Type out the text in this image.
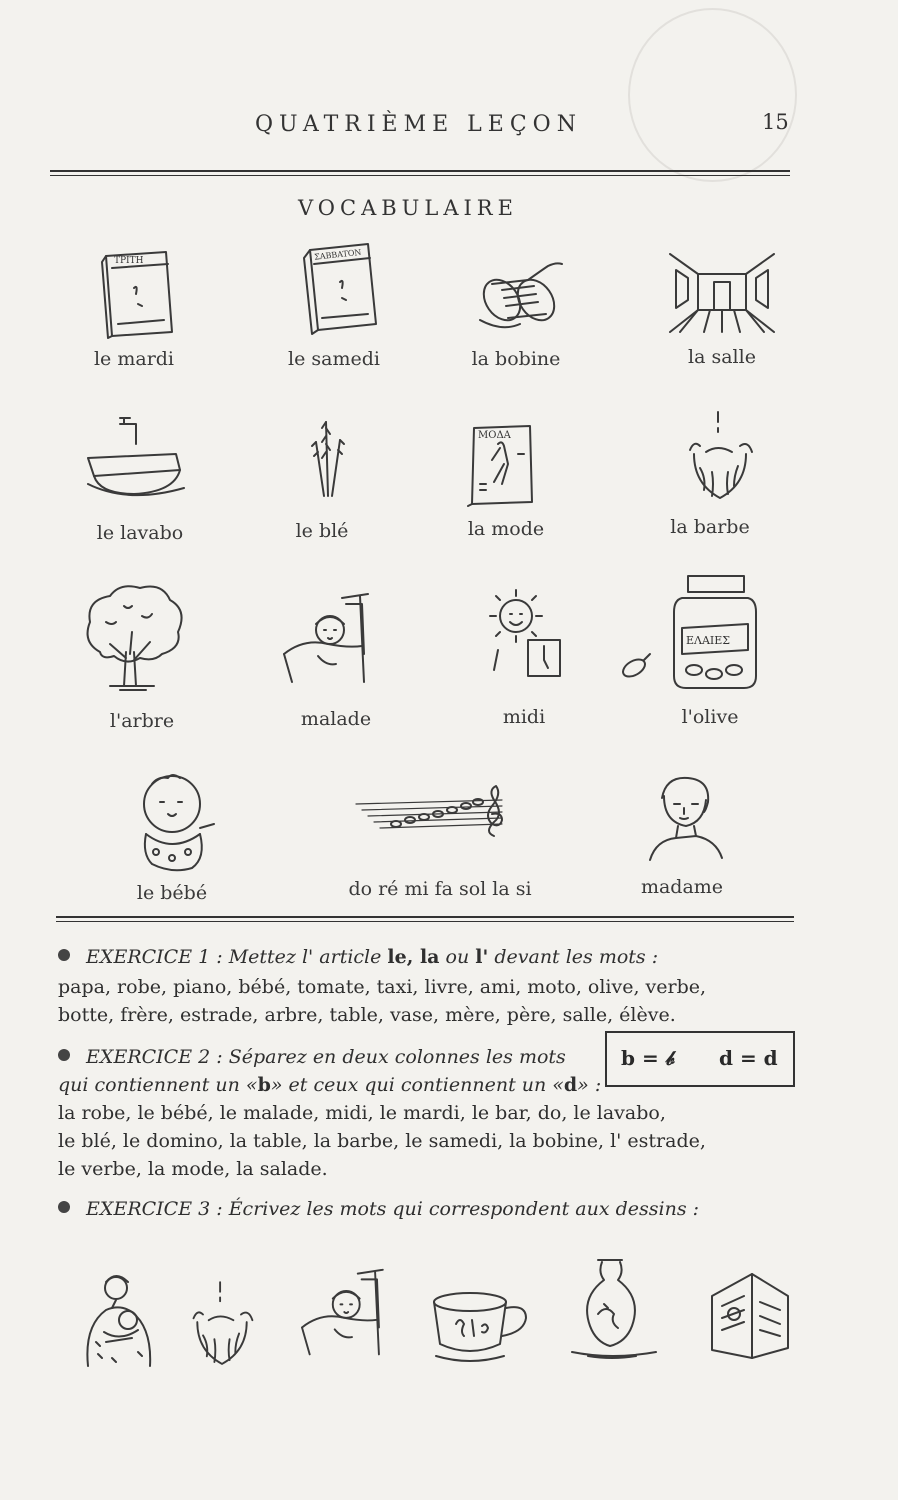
QUATRIÈME LEÇON	15
VOCABULAIRE
TPITH	ΣABBATON
le mardi	le samedi	la bobine	la salle
MOΔA
le lavabo	le blé	la mode	la barbe
ΕΛΑΙΕΣ
l'arbre	malade	midi	l'olive
le bébé	do ré mi fa sol la si	madame
EXERCICE 1 : Mettez l' article le, la ou l' devant les mots :
papa, robe, piano, bébé, tomate, taxi, livre, ami, moto, olive, verbe,
botte, frère, estrade, arbre, table, vase, mère, père, salle, élève.
EXERCICE 2 : Séparez en deux colonnes les mots
qui contiennent un «b» et ceux qui contiennent un «d» :
b = 𝒷 d = d
la robe, le bébé, le malade, midi, le mardi, le bar, do, le lavabo,
le blé, le domino, la table, la barbe, le samedi, la bobine, l' estrade,
le verbe, la mode, la salade.
EXERCICE 3 : Écrivez les mots qui correspondent aux dessins :
